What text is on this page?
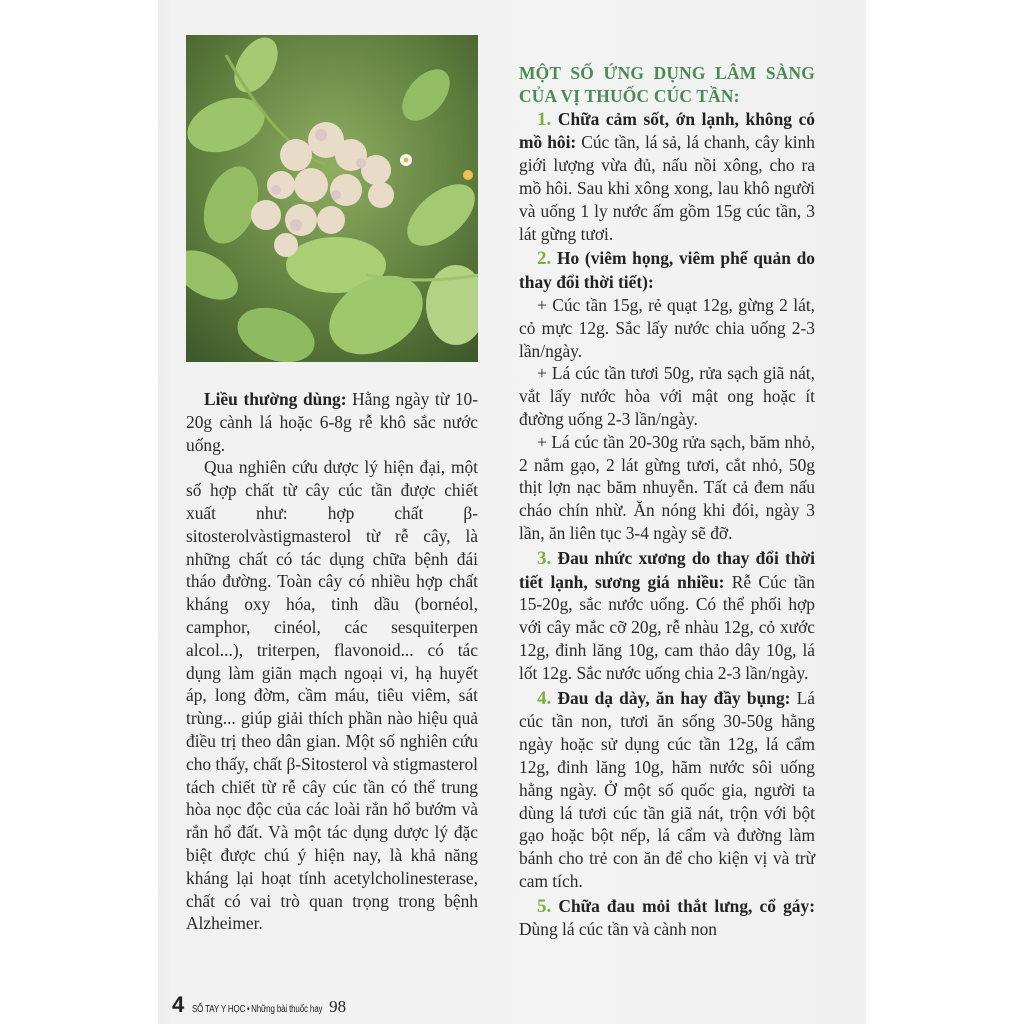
Liều thường dùng: Hằng ngày từ 10-20g cành lá hoặc 6-8g rễ khô sắc nước uống.

Qua nghiên cứu dược lý hiện đại, một số hợp chất từ cây cúc tần được chiết xuất như: hợp chất β-sitosterolvàstigmasterol từ rễ cây, là những chất có tác dụng chữa bệnh đái tháo đường. Toàn cây có nhiều hợp chất kháng oxy hóa, tinh dầu (bornéol, camphor, cinéol, các sesquiterpen alcol...), triterpen, flavonoid... có tác dụng làm giãn mạch ngoại vi, hạ huyết áp, long đờm, cầm máu, tiêu viêm, sát trùng... giúp giải thích phần nào hiệu quả điều trị theo dân gian. Một số nghiên cứu cho thấy, chất β-Sitosterol và stigmasterol tách chiết từ rễ cây cúc tần có thể trung hòa nọc độc của các loài rắn hổ bướm và rắn hổ đất. Và một tác dụng dược lý đặc biệt được chú ý hiện nay, là khả năng kháng lại hoạt tính acetylcholinesterase, chất có vai trò quan trọng trong bệnh Alzheimer.

MỘT SỐ ỨNG DỤNG LÂM SÀNG CỦA VỊ THUỐC CÚC TẦN:

1. Chữa cảm sốt, ớn lạnh, không có mồ hôi: Cúc tần, lá sả, lá chanh, cây kinh giới lượng vừa đủ, nấu nồi xông, cho ra mồ hôi. Sau khi xông xong, lau khô người và uống 1 ly nước ấm gồm 15g cúc tần, 3 lát gừng tươi.

2. Ho (viêm họng, viêm phế quản do thay đổi thời tiết):

+ Cúc tần 15g, rẻ quạt 12g, gừng 2 lát, cỏ mực 12g. Sắc lấy nước chia uống 2-3 lần/ngày.

+ Lá cúc tần tươi 50g, rửa sạch giã nát, vắt lấy nước hòa với mật ong hoặc ít đường uống 2-3 lần/ngày.

+ Lá cúc tần 20-30g rửa sạch, băm nhỏ, 2 nắm gạo, 2 lát gừng tươi, cắt nhỏ, 50g thịt lợn nạc băm nhuyễn. Tất cả đem nấu cháo chín nhừ. Ăn nóng khi đói, ngày 3 lần, ăn liên tục 3-4 ngày sẽ đỡ.

3. Đau nhức xương do thay đổi thời tiết lạnh, sương giá nhiều: Rễ Cúc tần 15-20g, sắc nước uống. Có thể phối hợp với cây mắc cỡ 20g, rễ nhàu 12g, cỏ xước 12g, đinh lăng 10g, cam thảo dây 10g, lá lốt 12g. Sắc nước uống chia 2-3 lần/ngày.

4. Đau dạ dày, ăn hay đầy bụng: Lá cúc tần non, tươi ăn sống 30-50g hằng ngày hoặc sử dụng cúc tần 12g, lá cẩm 12g, đinh lăng 10g, hãm nước sôi uống hằng ngày. Ở một số quốc gia, người ta dùng lá tươi cúc tần giã nát, trộn với bột gạo hoặc bột nếp, lá cẩm và đường làm bánh cho trẻ con ăn để cho kiện vị và trừ cam tích.

5. Chữa đau mỏi thắt lưng, cổ gáy: Dùng lá cúc tần và cành non

4 SỔ TAY Y HỌC • Những bài thuốc hay 98
